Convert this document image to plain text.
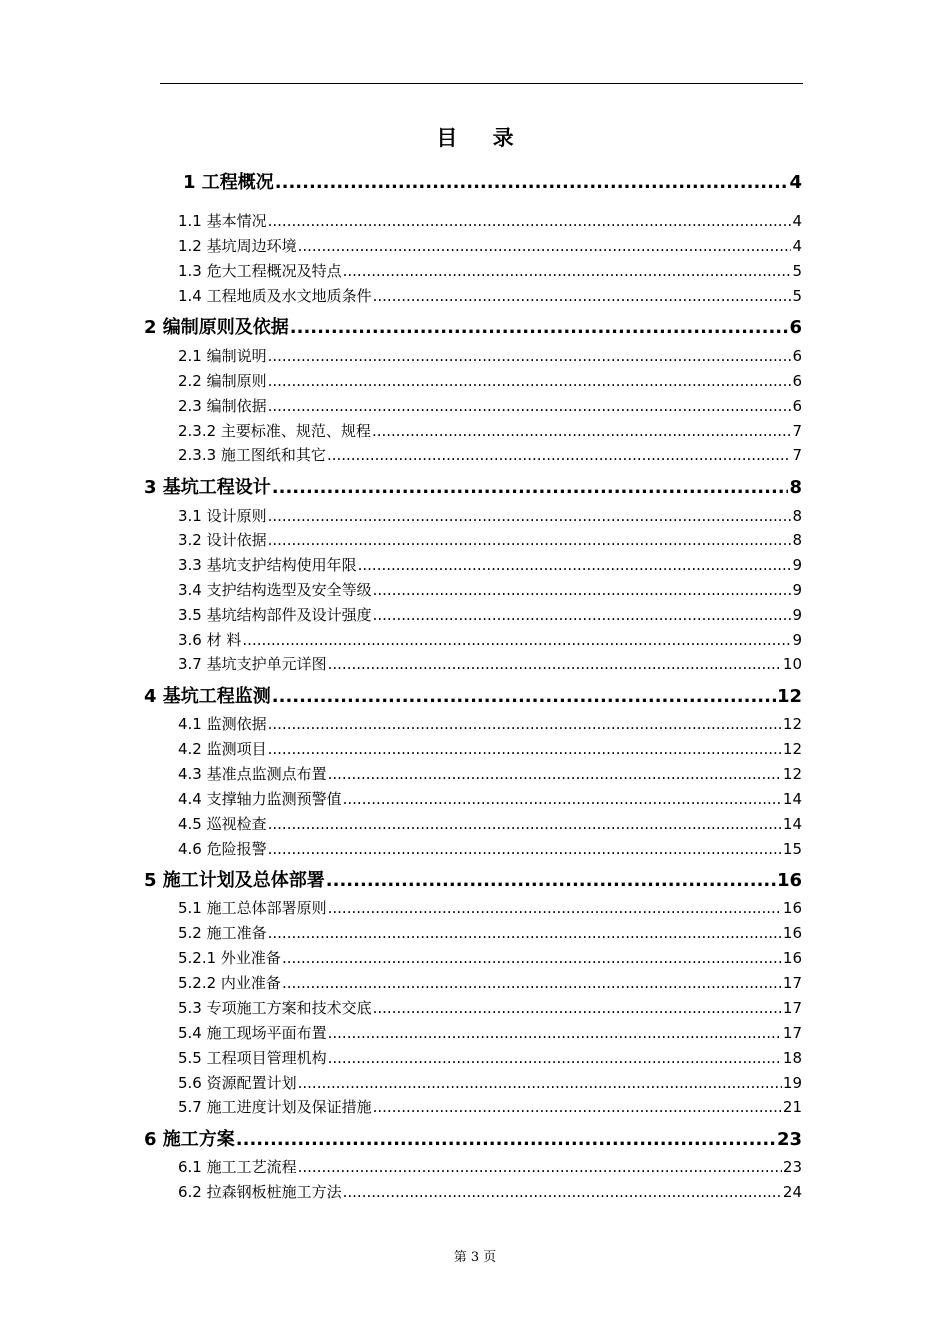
目 录
1 工程概况 .....	4
1.1 基本情况 .....	4
1.2 基坑周边环境 .....	4
1.3 危大工程概况及特点 .....	5
1.4 工程地质及水文地质条件 .....	5
2 编制原则及依据 .....	6
2.1 编制说明 .....	6
2.2 编制原则 .....	6
2.3 编制依据 .....	6
2.3.2 主要标准、规范、规程 .....	7
2.3.3 施工图纸和其它 .....	7
3 基坑工程设计 .....	8
3.1 设计原则 .....	8
3.2 设计依据 .....	8
3.3 基坑支护结构使用年限 .....	9
3.4 支护结构选型及安全等级 .....	9
3.5 基坑结构部件及设计强度 .....	9
3.6 材 料 .....	9
3.7 基坑支护单元详图 .....	10
4 基坑工程监测 .....	12
4.1 监测依据 .....	12
4.2 监测项目 .....	12
4.3 基准点监测点布置 .....	12
4.4 支撑轴力监测预警值 .....	14
4.5 巡视检查 .....	14
4.6 危险报警 .....	15
5 施工计划及总体部署 .....	16
5.1 施工总体部署原则 .....	16
5.2 施工准备 .....	16
5.2.1 外业准备 .....	16
5.2.2 内业准备 .....	17
5.3 专项施工方案和技术交底 .....	17
5.4 施工现场平面布置 .....	17
5.5 工程项目管理机构 .....	18
5.6 资源配置计划 .....	19
5.7 施工进度计划及保证措施 .....	21
6 施工方案 .....	23
6.1 施工工艺流程 .....	23
6.2 拉森钢板桩施工方法 .....	24
第 3 页
